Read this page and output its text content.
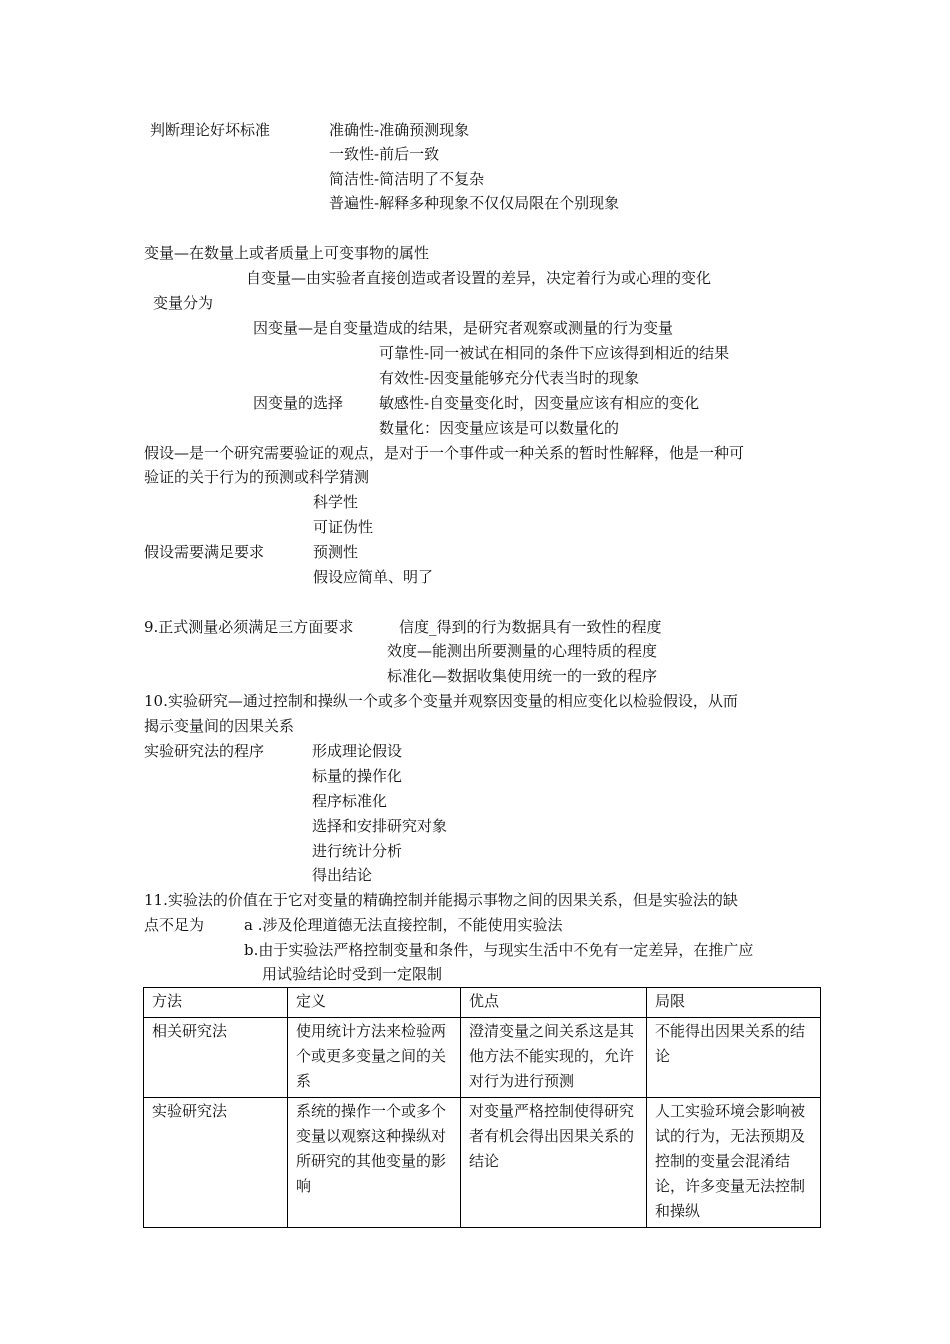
判断理论好坏标准	准确性-准确预测现象
一致性-前后一致
简洁性-简洁明了不复杂
普遍性-解释多种现象不仅仅局限在个别现象
变量—在数量上或者质量上可变事物的属性
自变量—由实验者直接创造或者设置的差异，决定着行为或心理的变化
变量分为
因变量—是自变量造成的结果，是研究者观察或测量的行为变量
可靠性-同一被试在相同的条件下应该得到相近的结果
有效性-因变量能够充分代表当时的现象
因变量的选择 敏感性-自变量变化时，因变量应该有相应的变化
数量化：因变量应该是可以数量化的
假设—是一个研究需要验证的观点，是对于一个事件或一种关系的暂时性解释，他是一种可
验证的关于行为的预测或科学猜测
科学性
可证伪性
假设需要满足要求	预测性
假设应简单、明了
9.正式测量必须满足三方面要求	信度_得到的行为数据具有一致性的程度
效度—能测出所要测量的心理特质的程度
标准化—数据收集使用统一的一致的程序
10.实验研究—通过控制和操纵一个或多个变量并观察因变量的相应变化以检验假设，从而
揭示变量间的因果关系
实验研究法的程序	形成理论假设
标量的操作化
程序标准化
选择和安排研究对象
进行统计分析
得出结论
11.实验法的价值在于它对变量的精确控制并能揭示事物之间的因果关系，但是实验法的缺
点不足为	a .涉及伦理道德无法直接控制，不能使用实验法
b.由于实验法严格控制变量和条件，与现实生活中不免有一定差异，在推广应
用试验结论时受到一定限制
方法	定义	优点	局限
相关研究法	使用统计方法来检验两个或更多变量之间的关系	澄清变量之间关系这是其他方法不能实现的，允许对行为进行预测	不能得出因果关系的结论
实验研究法	系统的操作一个或多个变量以观察这种操纵对所研究的其他变量的影响	对变量严格控制使得研究者有机会得出因果关系的结论	人工实验环境会影响被试的行为，无法预期及控制的变量会混淆结论，许多变量无法控制和操纵
